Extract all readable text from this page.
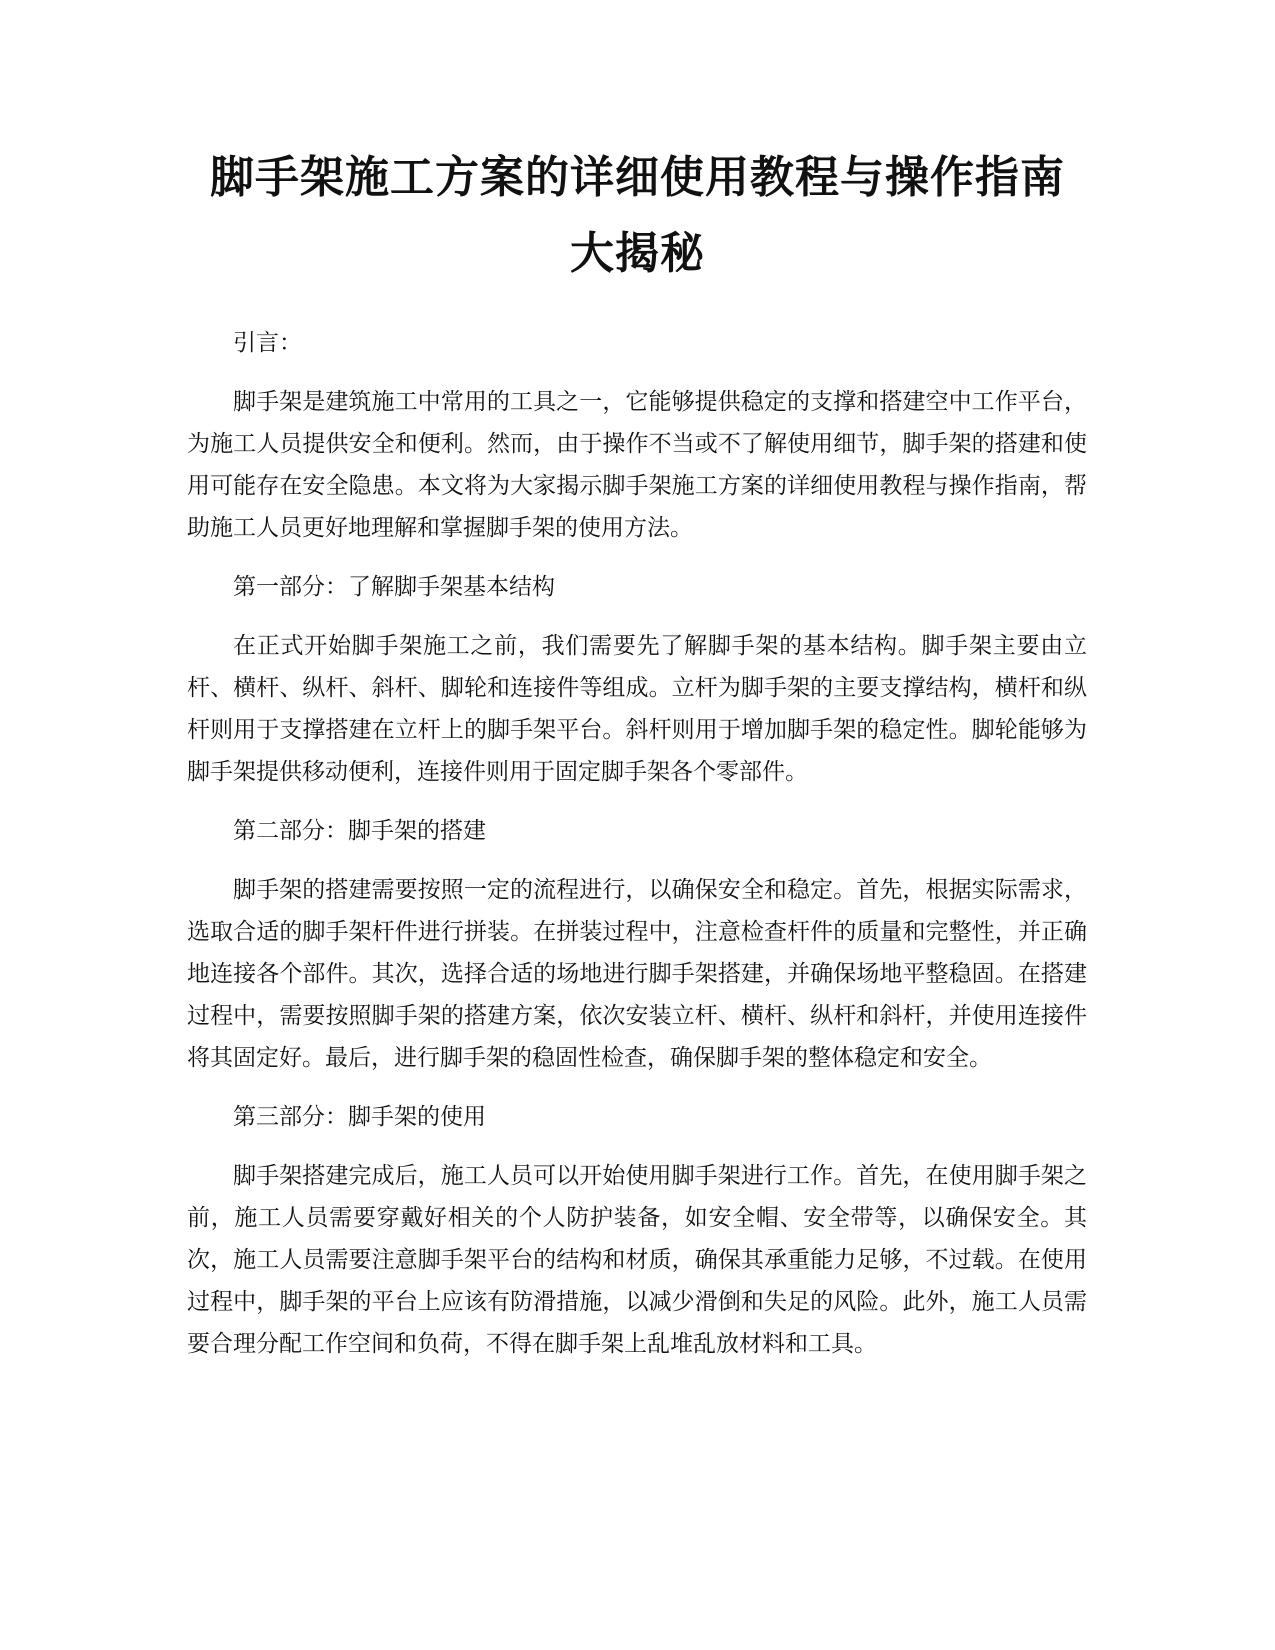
脚手架施工方案的详细使用教程与操作指南
大揭秘

引言：

脚手架是建筑施工中常用的工具之一，它能够提供稳定的支撑和搭建空中工作平台，为施工人员提供安全和便利。然而，由于操作不当或不了解使用细节，脚手架的搭建和使用可能存在安全隐患。本文将为大家揭示脚手架施工方案的详细使用教程与操作指南，帮助施工人员更好地理解和掌握脚手架的使用方法。

第一部分：了解脚手架基本结构

在正式开始脚手架施工之前，我们需要先了解脚手架的基本结构。脚手架主要由立杆、横杆、纵杆、斜杆、脚轮和连接件等组成。立杆为脚手架的主要支撑结构，横杆和纵杆则用于支撑搭建在立杆上的脚手架平台。斜杆则用于增加脚手架的稳定性。脚轮能够为脚手架提供移动便利，连接件则用于固定脚手架各个零部件。

第二部分：脚手架的搭建

脚手架的搭建需要按照一定的流程进行，以确保安全和稳定。首先，根据实际需求，选取合适的脚手架杆件进行拼装。在拼装过程中，注意检查杆件的质量和完整性，并正确地连接各个部件。其次，选择合适的场地进行脚手架搭建，并确保场地平整稳固。在搭建过程中，需要按照脚手架的搭建方案，依次安装立杆、横杆、纵杆和斜杆，并使用连接件将其固定好。最后，进行脚手架的稳固性检查，确保脚手架的整体稳定和安全。

第三部分：脚手架的使用

脚手架搭建完成后，施工人员可以开始使用脚手架进行工作。首先，在使用脚手架之前，施工人员需要穿戴好相关的个人防护装备，如安全帽、安全带等，以确保安全。其次，施工人员需要注意脚手架平台的结构和材质，确保其承重能力足够，不过载。在使用过程中，脚手架的平台上应该有防滑措施，以减少滑倒和失足的风险。此外，施工人员需要合理分配工作空间和负荷，不得在脚手架上乱堆乱放材料和工具。
